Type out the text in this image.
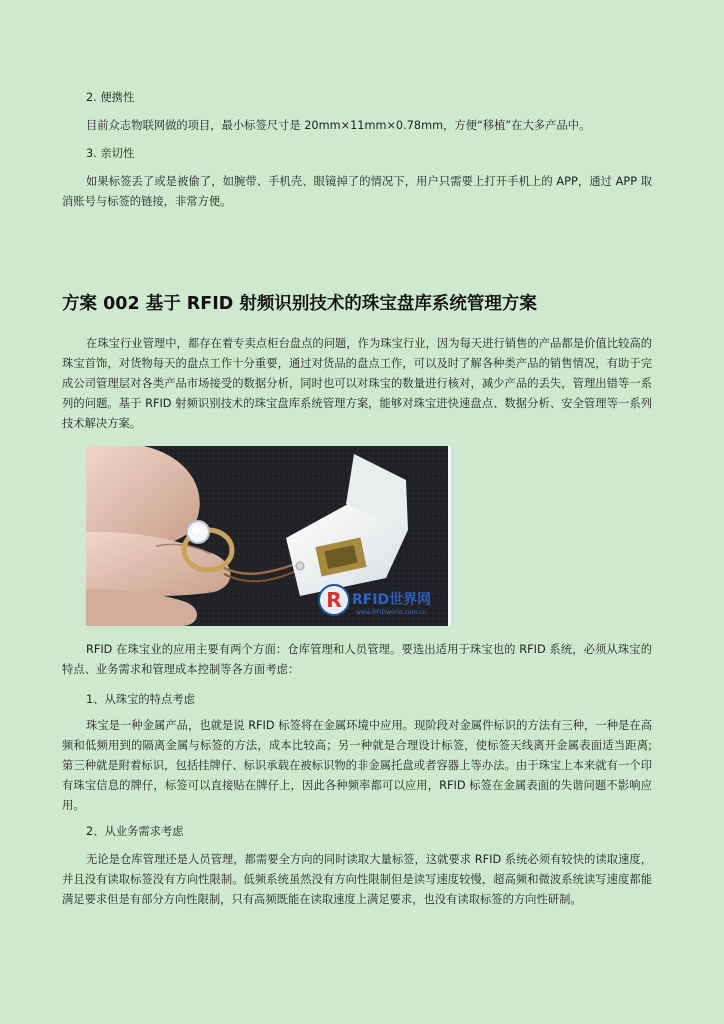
2. 便携性

目前众志物联网做的项目，最小标签尺寸是 20mm×11mm×0.78mm，方便“移植”在大多产品中。

3. 亲切性

如果标签丢了或是被偷了，如腕带、手机壳、眼镜掉了的情况下，用户只需要上打开手机上的 APP，通过 APP 取消账号与标签的链接，非常方便。

方案 002 基于 RFID 射频识别技术的珠宝盘库系统管理方案

在珠宝行业管理中，都存在着专卖点柜台盘点的问题，作为珠宝行业，因为每天进行销售的产品都是价值比较高的珠宝首饰，对货物每天的盘点工作十分重要，通过对货品的盘点工作，可以及时了解各种类产品的销售情况，有助于完成公司管理层对各类产品市场接受的数据分析，同时也可以对珠宝的数量进行核对，减少产品的丢失，管理出错等一系列的问题。基于 RFID 射频识别技术的珠宝盘库系统管理方案，能够对珠宝进快速盘点、数据分析、安全管理等一系列技术解决方案。

R RFID世界网
www.RFIDworld.com.cn

RFID 在珠宝业的应用主要有两个方面：仓库管理和人员管理。要选出适用于珠宝也的 RFID 系统，必须从珠宝的特点、业务需求和管理成本控制等各方面考虑：

1、从珠宝的特点考虑

珠宝是一种金属产品，也就是说 RFID 标签将在金属环境中应用。现阶段对金属件标识的方法有三种，一种是在高频和低频用到的隔离金属与标签的方法，成本比较高；另一种就是合理设计标签，使标签天线离开金属表面适当距离;第三种就是附着标识，包括挂牌仔、标识承载在被标识物的非金属托盘或者容器上等办法。由于珠宝上本来就有一个印有珠宝信息的牌仔，标签可以直接贴在牌仔上，因此各种频率都可以应用，RFID 标签在金属表面的失谐问题不影响应用。

2、从业务需求考虑

无论是仓库管理还是人员管理，都需要全方向的同时读取大量标签，这就要求 RFID 系统必须有较快的读取速度，并且没有读取标签没有方向性限制。低频系统虽然没有方向性限制但是读写速度较慢，超高频和微波系统读写速度都能满足要求但是有部分方向性限制，只有高频既能在读取速度上满足要求，也没有读取标签的方向性研制。
